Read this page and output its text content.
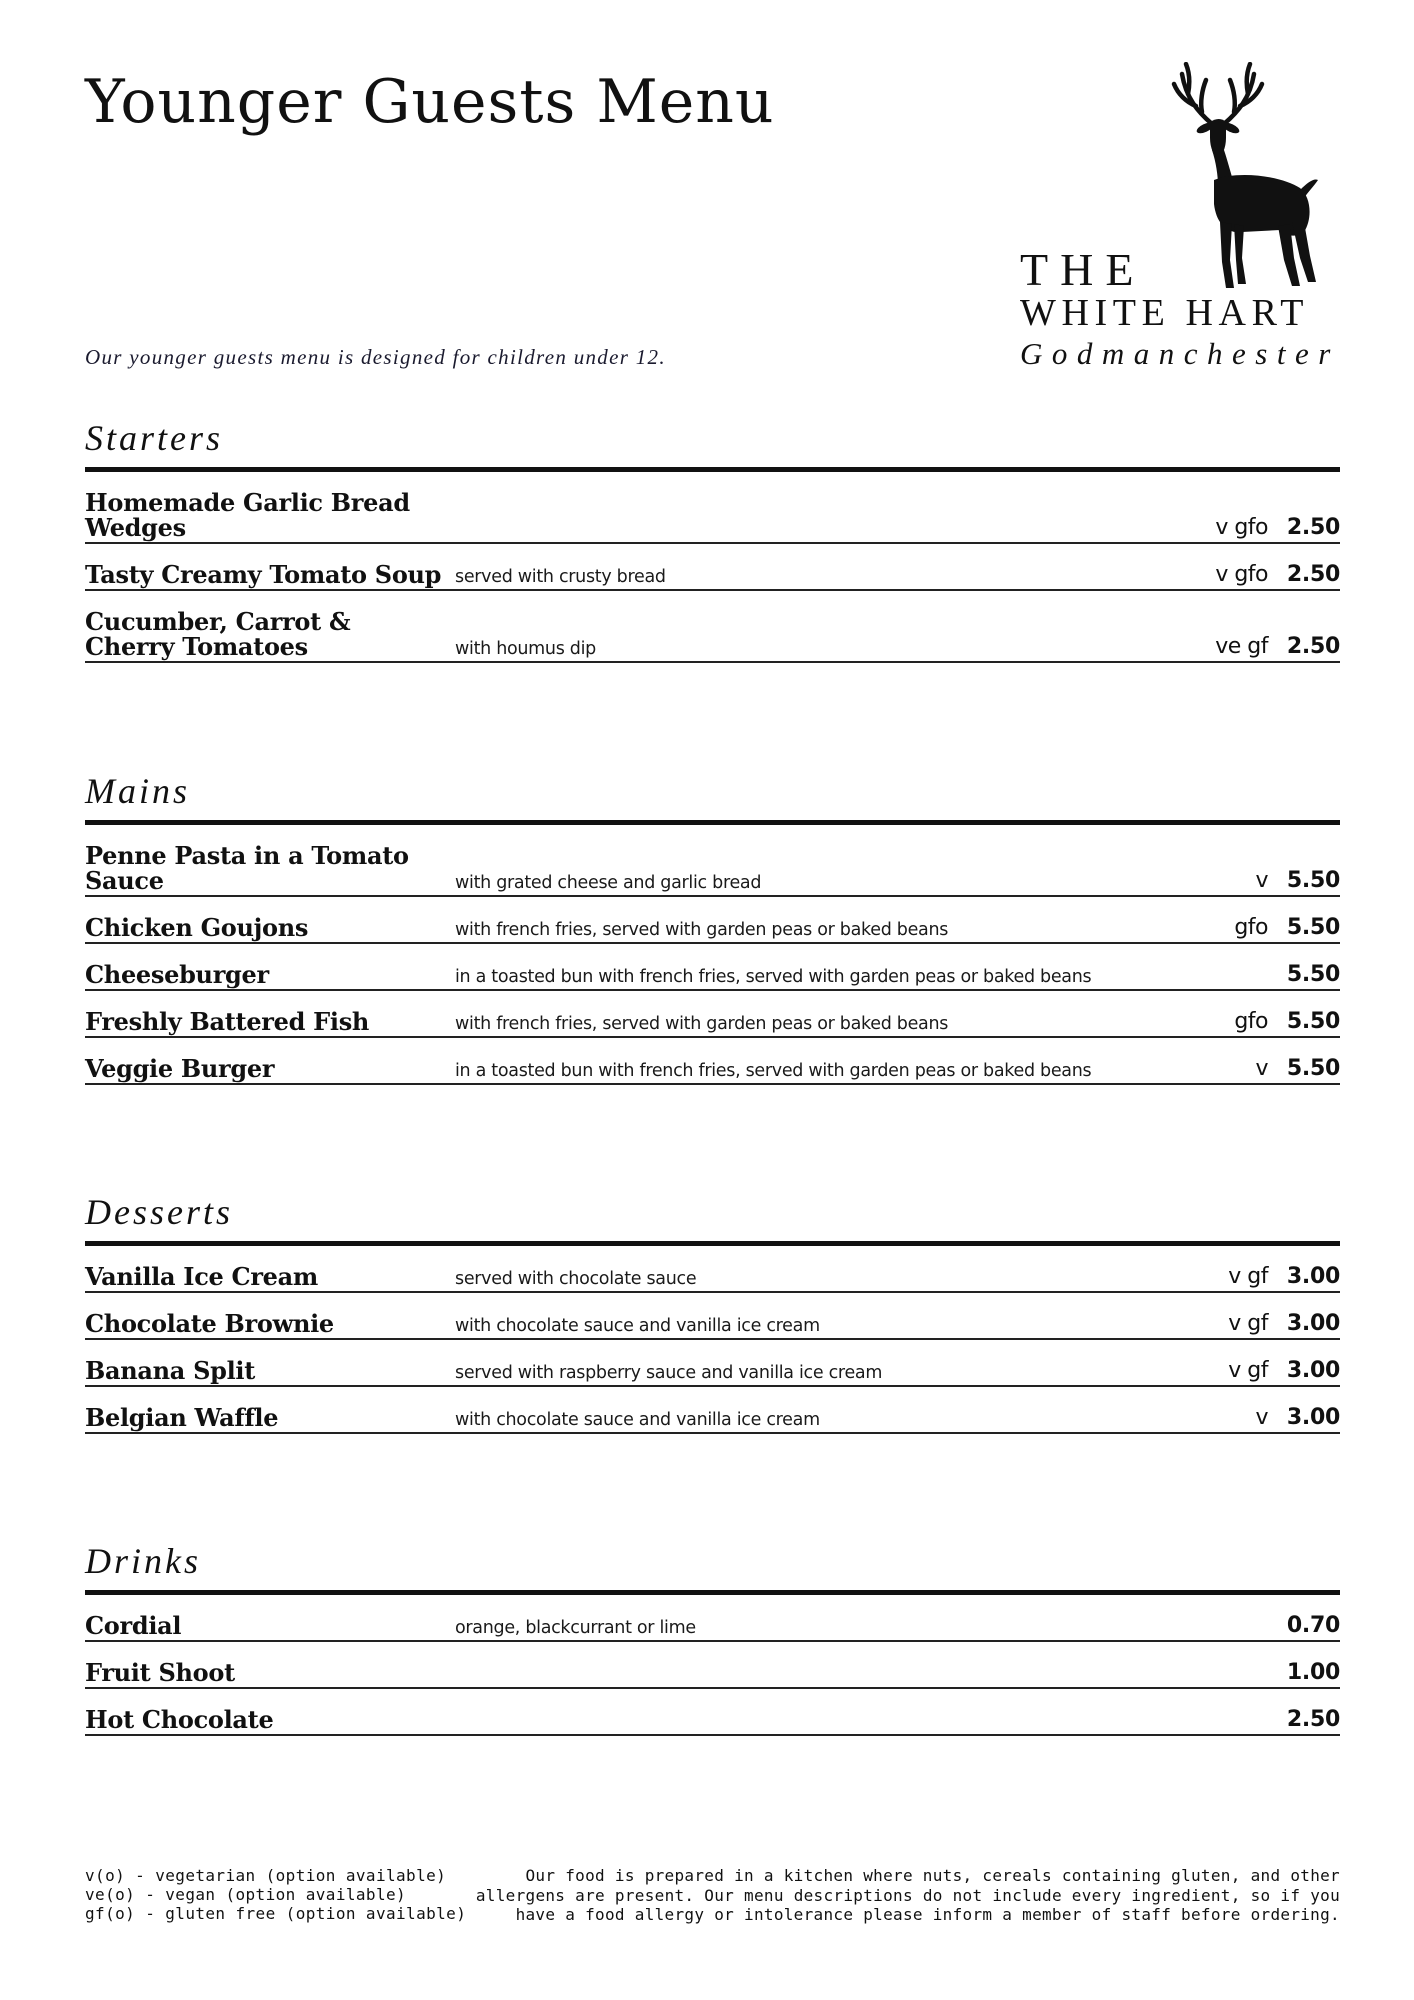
Younger Guests Menu

Our younger guests menu is designed for children under 12.

THE
WHITE HART
Godmanchester
Starters
Homemade Garlic Bread Wedges	v gfo 2.50
Tasty Creamy Tomato Soup served with crusty bread	v gfo 2.50
Cucumber, Carrot & Cherry Tomatoes	with houmus dip	ve gf 2.50
Mains
Penne Pasta in a Tomato Sauce	with grated cheese and garlic bread	v 5.50
Chicken Goujons	with french fries, served with garden peas or baked beans	gfo 5.50
Cheeseburger	in a toasted bun with french fries, served with garden peas or baked beans	5.50
Freshly Battered Fish	with french fries, served with garden peas or baked beans	gfo 5.50
Veggie Burger	in a toasted bun with french fries, served with garden peas or baked beans	v 5.50
Desserts
Vanilla Ice Cream	served with chocolate sauce	v gf 3.00
Chocolate Brownie	with chocolate sauce and vanilla ice cream	v gf 3.00
Banana Split	served with raspberry sauce and vanilla ice cream	v gf 3.00
Belgian Waffle	with chocolate sauce and vanilla ice cream	v 3.00
Drinks
Cordial	orange, blackcurrant or lime	0.70
Fruit Shoot	1.00
Hot Chocolate	2.50
v(o) - vegetarian (option available)
ve(o) - vegan (option available)
gf(o) - gluten free (option available)

Our food is prepared in a kitchen where nuts, cereals containing gluten, and other allergens are present. Our menu descriptions do not include every ingredient, so if you have a food allergy or intolerance please inform a member of staff before ordering.
